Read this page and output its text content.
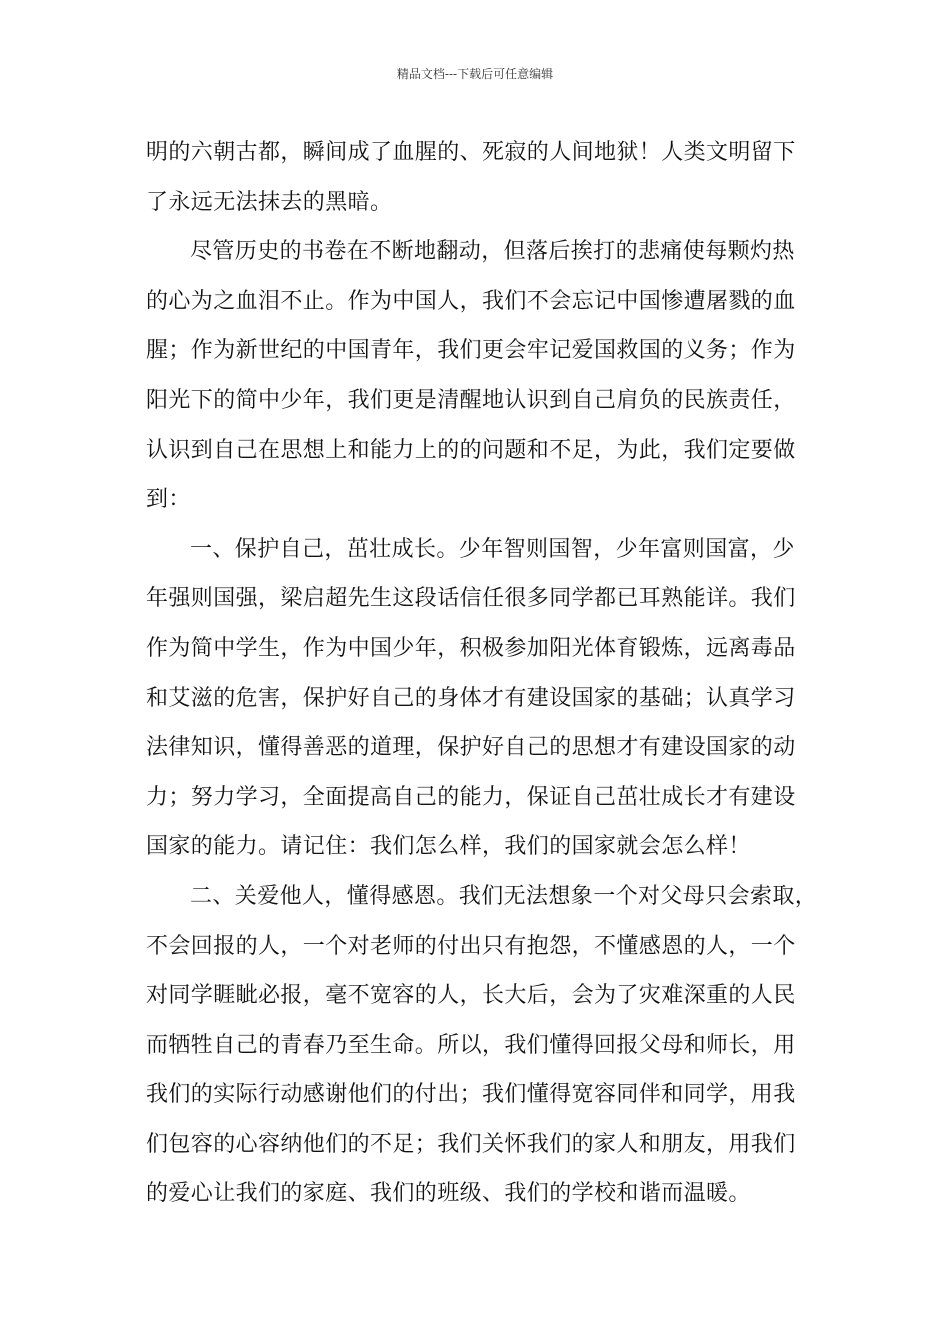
精品文档---下载后可任意编辑
明的六朝古都，瞬间成了血腥的、死寂的人间地狱！人类文明留下
了永远无法抹去的黑暗。
尽管历史的书卷在不断地翻动，但落后挨打的悲痛使每颗灼热
的心为之血泪不止。作为中国人，我们不会忘记中国惨遭屠戮的血
腥；作为新世纪的中国青年，我们更会牢记爱国救国的义务；作为
阳光下的简中少年，我们更是清醒地认识到自己肩负的民族责任，
认识到自己在思想上和能力上的的问题和不足，为此，我们定要做
到：
一、保护自己，茁壮成长。少年智则国智，少年富则国富，少
年强则国强，梁启超先生这段话信任很多同学都已耳熟能详。我们
作为简中学生，作为中国少年，积极参加阳光体育锻炼，远离毒品
和艾滋的危害，保护好自己的身体才有建设国家的基础；认真学习
法律知识，懂得善恶的道理，保护好自己的思想才有建设国家的动
力；努力学习，全面提高自己的能力，保证自己茁壮成长才有建设
国家的能力。请记住：我们怎么样，我们的国家就会怎么样！
二、关爱他人，懂得感恩。我们无法想象一个对父母只会索取，
不会回报的人，一个对老师的付出只有抱怨，不懂感恩的人，一个
对同学睚眦必报，毫不宽容的人，长大后，会为了灾难深重的人民
而牺牲自己的青春乃至生命。所以，我们懂得回报父母和师长，用
我们的实际行动感谢他们的付出；我们懂得宽容同伴和同学，用我
们包容的心容纳他们的不足；我们关怀我们的家人和朋友，用我们
的爱心让我们的家庭、我们的班级、我们的学校和谐而温暖。
